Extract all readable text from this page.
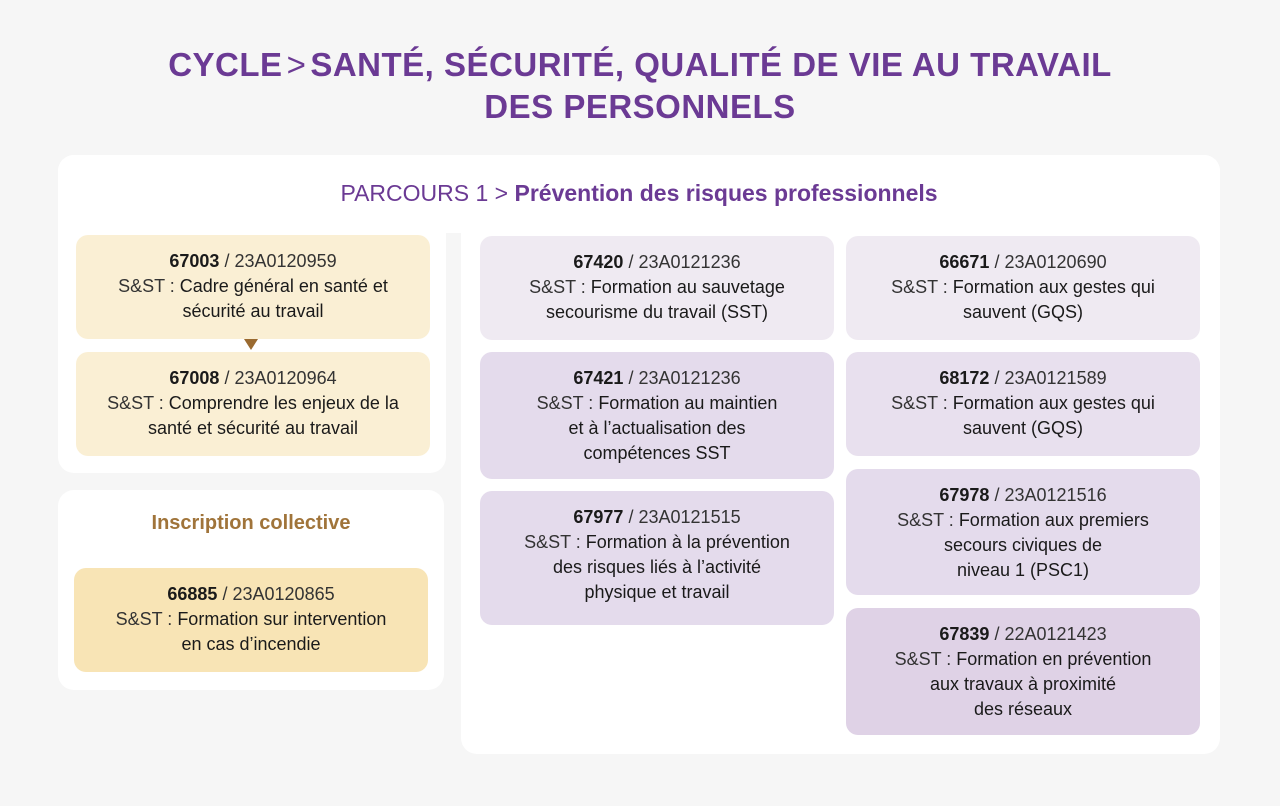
CYCLE > SANTÉ, SÉCURITÉ, QUALITÉ DE VIE AU TRAVAIL
DES PERSONNELS
PARCOURS 1 > Prévention des risques professionnels
67003 / 23A0120959
S&ST : Cadre général en santé et
sécurité au travail
67008 / 23A0120964
S&ST : Comprendre les enjeux de la
santé et sécurité au travail
Inscription collective
66885 / 23A0120865
S&ST : Formation sur intervention
en cas d’incendie
67420 / 23A0121236
S&ST : Formation au sauvetage
secourisme du travail (SST)
67421 / 23A0121236
S&ST : Formation au maintien
et à l’actualisation des
compétences SST
67977 / 23A0121515
S&ST : Formation à la prévention
des risques liés à l’activité
physique et travail
66671 / 23A0120690
S&ST : Formation aux gestes qui
sauvent (GQS)
68172 / 23A0121589
S&ST : Formation aux gestes qui
sauvent (GQS)
67978 / 23A0121516
S&ST : Formation aux premiers
secours civiques de
niveau 1 (PSC1)
67839 / 22A0121423
S&ST : Formation en prévention
aux travaux à proximité
des réseaux
